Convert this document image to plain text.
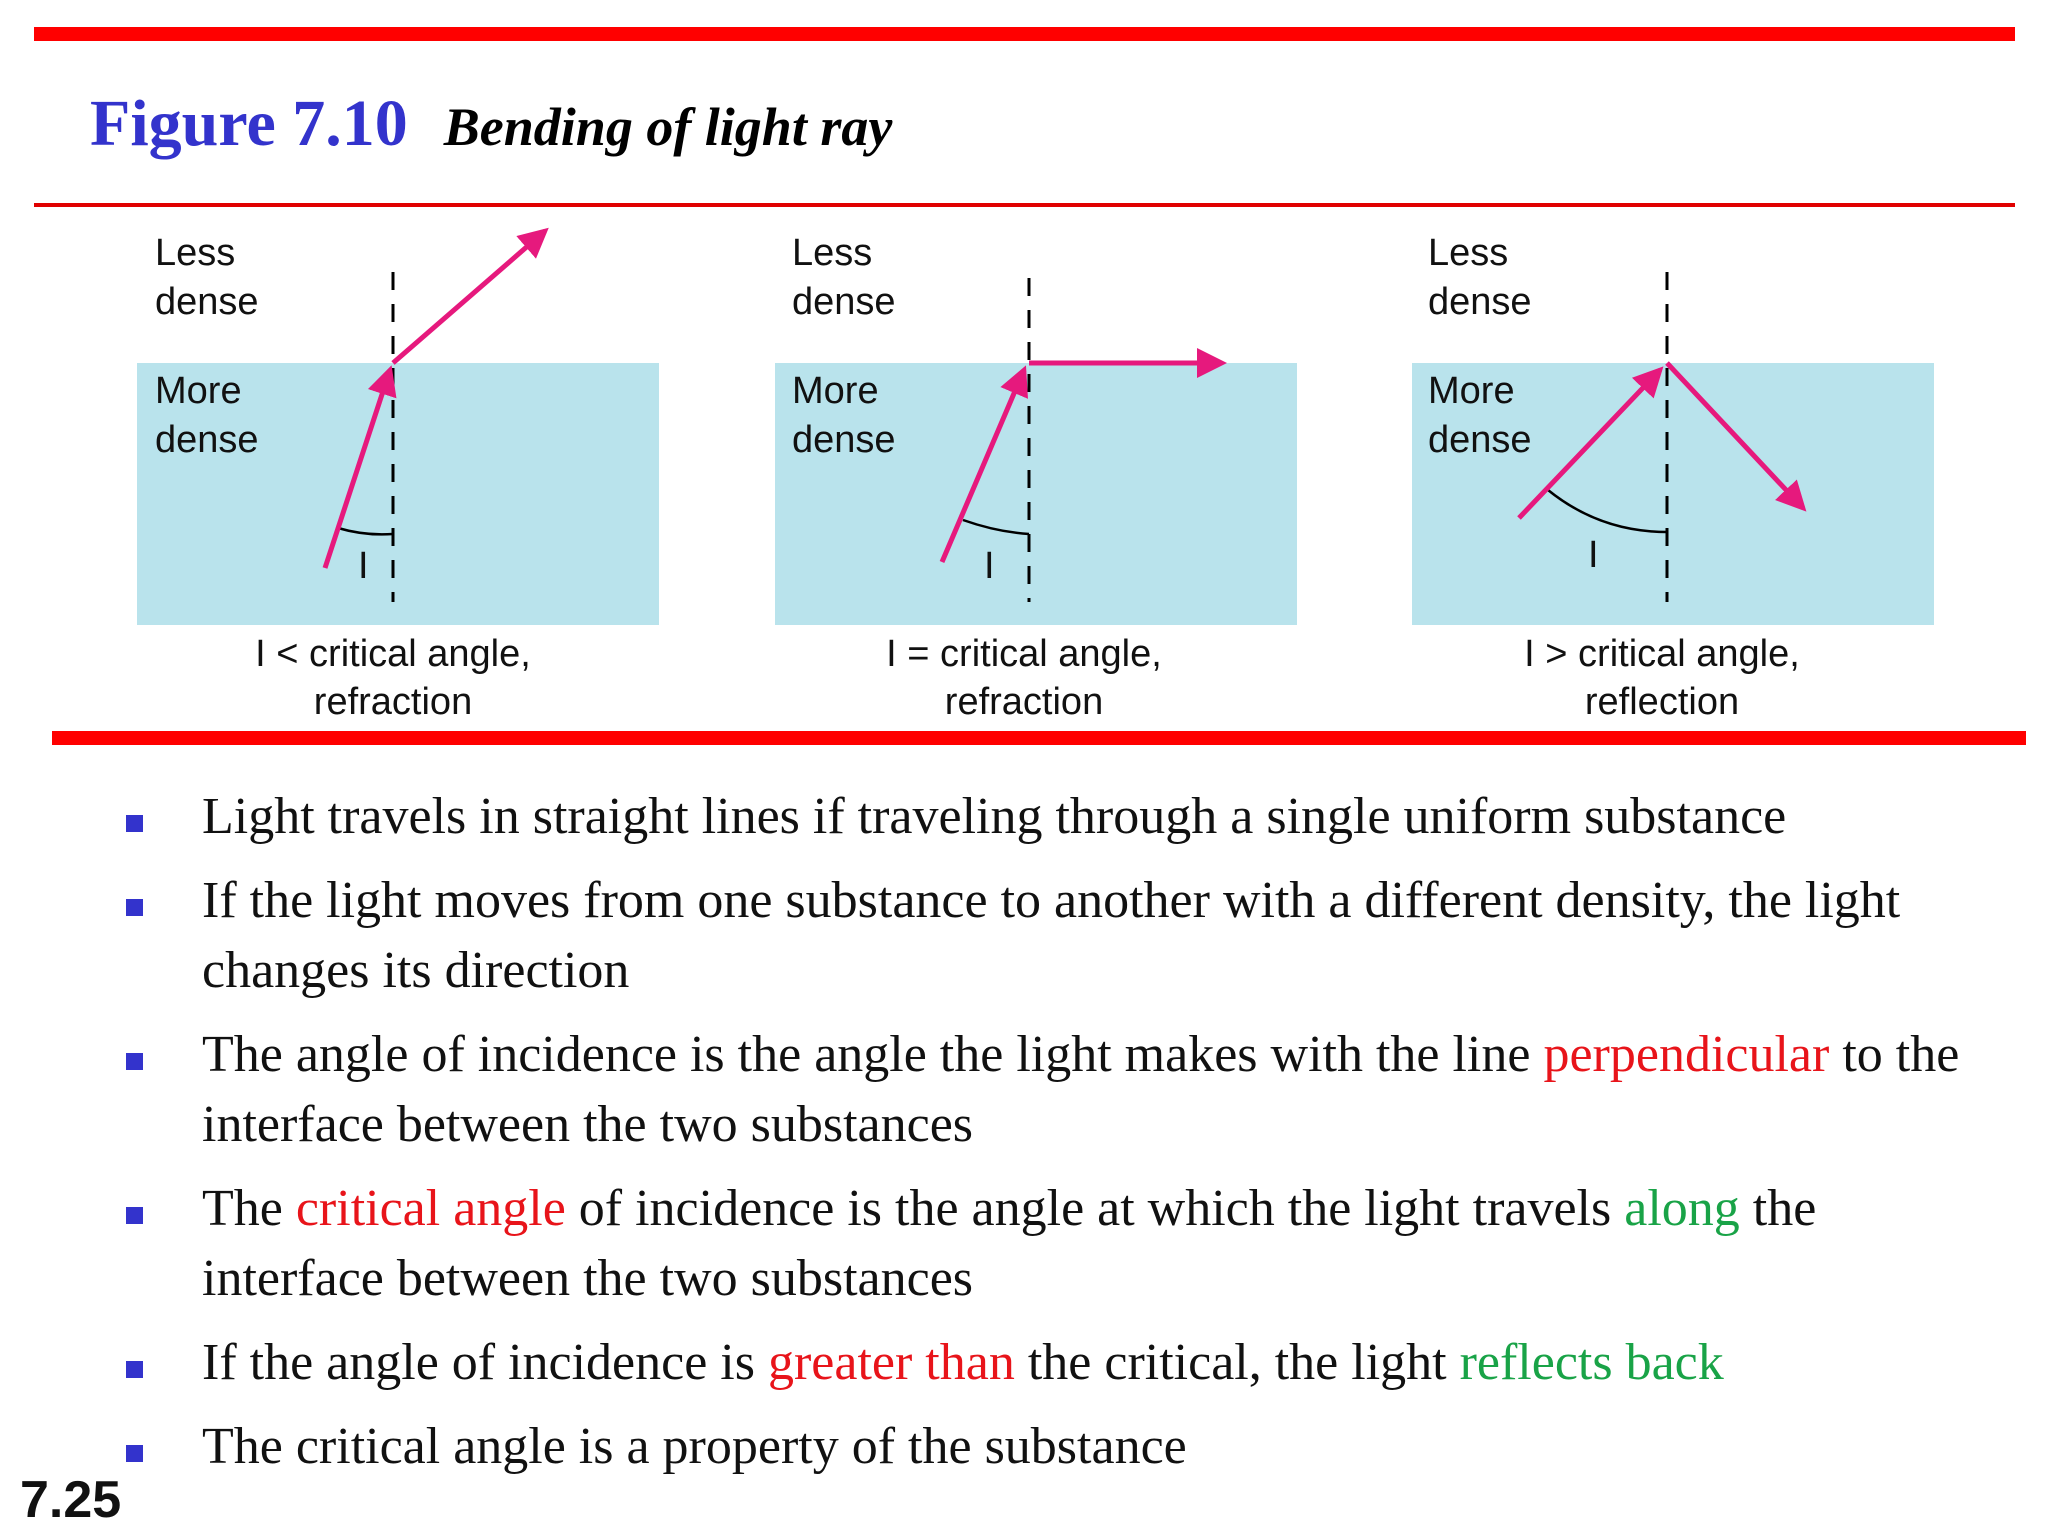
Figure 7.10 Bending of light ray
Less
dense
More
dense
I
I < critical angle,
refraction
Less
dense
More
dense
I
I = critical angle,
refraction
Less
dense
More
dense
I
I > critical angle,
reflection
Light travels in straight lines if traveling through a single uniform substance
If the light moves from one substance to another with a different density, the light changes its direction
The angle of incidence is the angle the light makes with the line perpendicular to the interface between the two substances
The critical angle of incidence is the angle at which the light travels along the interface between the two substances
If the angle of incidence is greater than the critical, the light reflects back
The critical angle is a property of the substance
7.25
